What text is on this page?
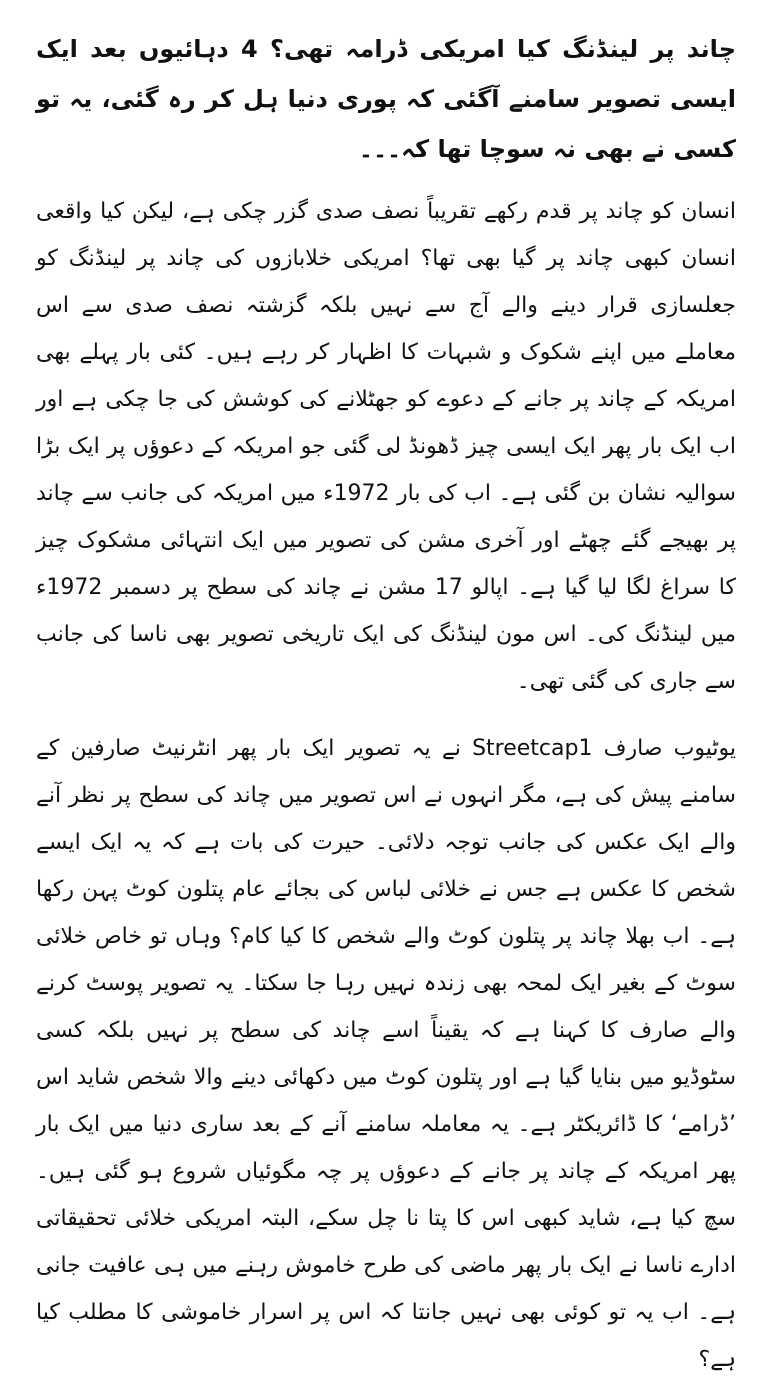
چاند پر لینڈنگ کیا امریکی ڈرامہ تھی؟ 4 دہائیوں بعد ایک ایسی تصویر سامنے آگئی کہ پوری دنیا ہل کر رہ گئی، یہ تو کسی نے بھی نہ سوچا تھا کہ۔۔۔

انسان کو چاند پر قدم رکھے تقریباً نصف صدی گزر چکی ہے، لیکن کیا واقعی انسان کبھی چاند پر گیا بھی تھا؟ امریکی خلابازوں کی چاند پر لینڈنگ کو جعلسازی قرار دینے والے آج سے نہیں بلکہ گزشتہ نصف صدی سے اس معاملے میں اپنے شکوک و شبہات کا اظہار کر رہے ہیں۔ کئی بار پہلے بھی امریکہ کے چاند پر جانے کے دعوے کو جھٹلانے کی کوشش کی جا چکی ہے اور اب ایک بار پھر ایک ایسی چیز ڈھونڈ لی گئی جو امریکہ کے دعوؤں پر ایک بڑا سوالیہ نشان بن گئی ہے۔ اب کی بار 1972ء میں امریکہ کی جانب سے چاند پر بھیجے گئے چھٹے اور آخری مشن کی تصویر میں ایک انتہائی مشکوک چیز کا سراغ لگا لیا گیا ہے۔ اپالو 17 مشن نے چاند کی سطح پر دسمبر 1972ء میں لینڈنگ کی۔ اس مون لینڈنگ کی ایک تاریخی تصویر بھی ناسا کی جانب سے جاری کی گئی تھی۔

یوٹیوب صارف Streetcap1 نے یہ تصویر ایک بار پھر انٹرنیٹ صارفین کے سامنے پیش کی ہے، مگر انہوں نے اس تصویر میں چاند کی سطح پر نظر آنے والے ایک عکس کی جانب توجہ دلائی۔ حیرت کی بات ہے کہ یہ ایک ایسے شخص کا عکس ہے جس نے خلائی لباس کی بجائے عام پتلون کوٹ پہن رکھا ہے۔ اب بھلا چاند پر پتلون کوٹ والے شخص کا کیا کام؟ وہاں تو خاص خلائی سوٹ کے بغیر ایک لمحہ بھی زندہ نہیں رہا جا سکتا۔ یہ تصویر پوسٹ کرنے والے صارف کا کہنا ہے کہ یقیناً اسے چاند کی سطح پر نہیں بلکہ کسی سٹوڈیو میں بنایا گیا ہے اور پتلون کوٹ میں دکھائی دینے والا شخص شاید اس ’ڈرامے‘ کا ڈائریکٹر ہے۔ یہ معاملہ سامنے آنے کے بعد ساری دنیا میں ایک بار پھر امریکہ کے چاند پر جانے کے دعوؤں پر چہ مگوئیاں شروع ہو گئی ہیں۔ سچ کیا ہے، شاید کبھی اس کا پتا نا چل سکے، البتہ امریکی خلائی تحقیقاتی ادارے ناسا نے ایک بار پھر ماضی کی طرح خاموش رہنے میں ہی عافیت جانی ہے۔ اب یہ تو کوئی بھی نہیں جانتا کہ اس پر اسرار خاموشی کا مطلب کیا ہے؟
